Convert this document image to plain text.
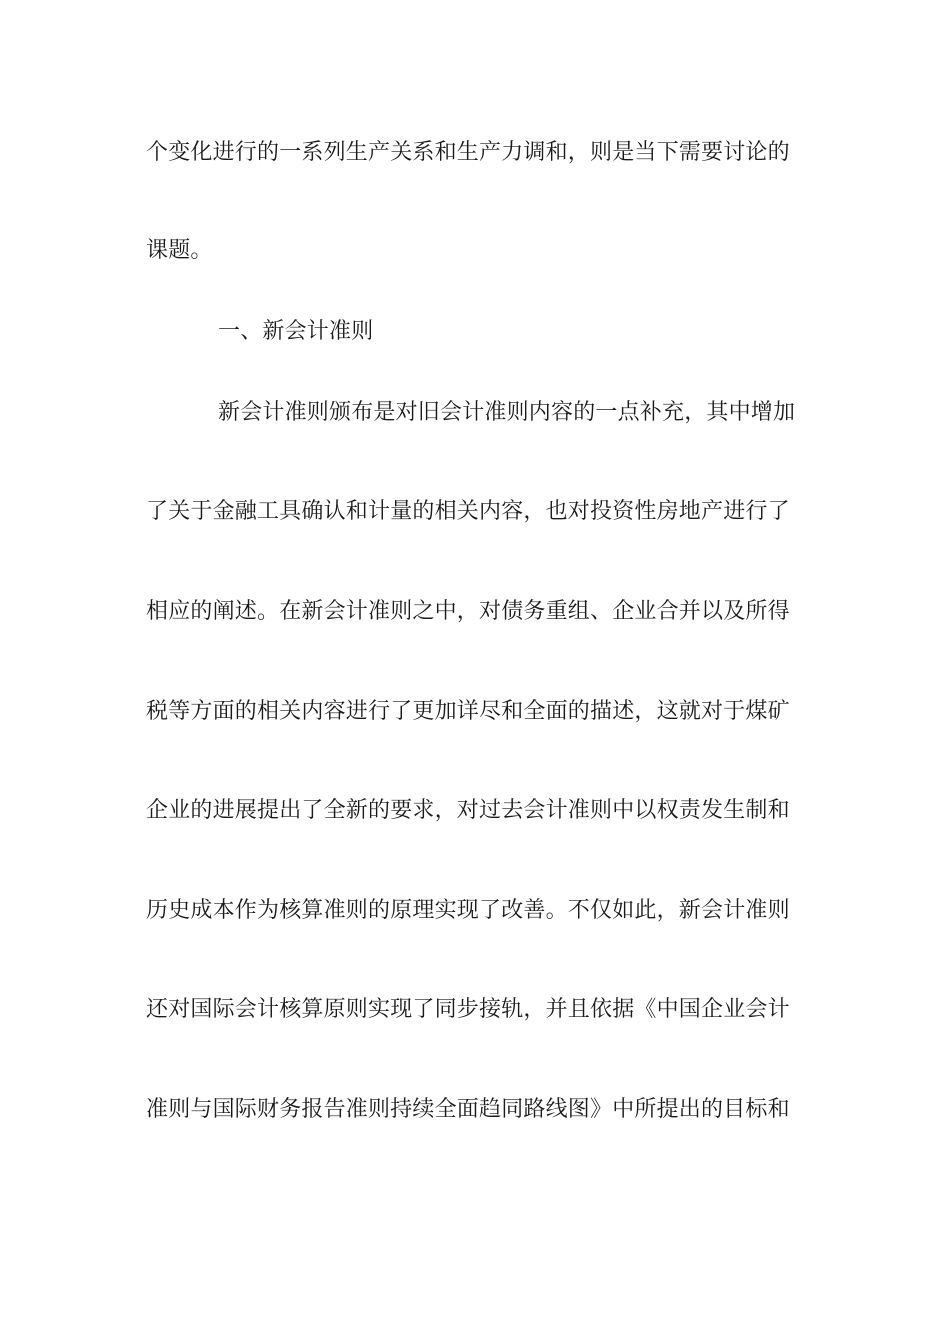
个变化进行的一系列生产关系和生产力调和，则是当下需要讨论的
课题。
一、新会计准则
新会计准则颁布是对旧会计准则内容的一点补充，其中增加
了关于金融工具确认和计量的相关内容，也对投资性房地产进行了
相应的阐述。在新会计准则之中，对债务重组、企业合并以及所得
税等方面的相关内容进行了更加详尽和全面的描述，这就对于煤矿
企业的进展提出了全新的要求，对过去会计准则中以权责发生制和
历史成本作为核算准则的原理实现了改善。不仅如此，新会计准则
还对国际会计核算原则实现了同步接轨，并且依据《中国企业会计
准则与国际财务报告准则持续全面趋同路线图》中所提出的目标和
